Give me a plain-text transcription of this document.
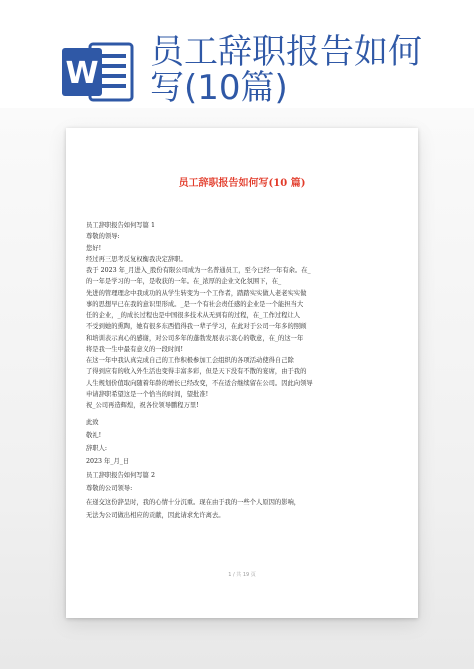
W
员工辞职报告如何
写(10篇)
员工辞职报告如何写(10 篇)
员工辞职报告如何写篇 1
尊敬的领导:
您好!
经过再三思考反复权衡我决定辞职。
我于 2023 年_月进入_股份有限公司成为一名普通员工，至今已经一年有余。在_
的一年是学习的一年，是收获的一年。在_浓厚的企业文化氛围下，在_
先进的管理理念中我成功的从学生转变为一个工作者，踏踏实实做人老老实实做
事的思想早已在我的意识里形成。_是一个有社会责任感的企业是一个能担当大
任的企业，_的成长过程也是中国很多技术从无到有的过程，在_工作过程让人
不受到她的熏陶，她有很多东西值得我一辈子学习，在此对于公司一年多的照顾
和培训表示真心的感谢，对公司多年的蓬勃发展表示衷心的敬意，在_的这一年
将是我一生中最有意义的一段时间!
在这一年中我认真完成自己的工作积极参加工会组织的各项活动使得自己除
了得到应有的收入外生活也变得丰富多彩，但是天下没有不散的宴席，由于我的
人生规划价值取向随着年龄的增长已经改变，不在适合继续留在公司。因此向领导
申请辞职希望这是一个恰当的时间，望批准!
祝_公司再造辉煌，祝各位领导鹏程万里!
此致
敬礼!
辞职人:
2023 年_月_日
员工辞职报告如何写篇 2
尊敬的公司领导:
在递交这份辞呈时，我的心情十分沉重。现在由于我的一些个人原因的影响，
无法为公司做出相应的贡献，因此请求允许离去。
1 / 共 19 页
